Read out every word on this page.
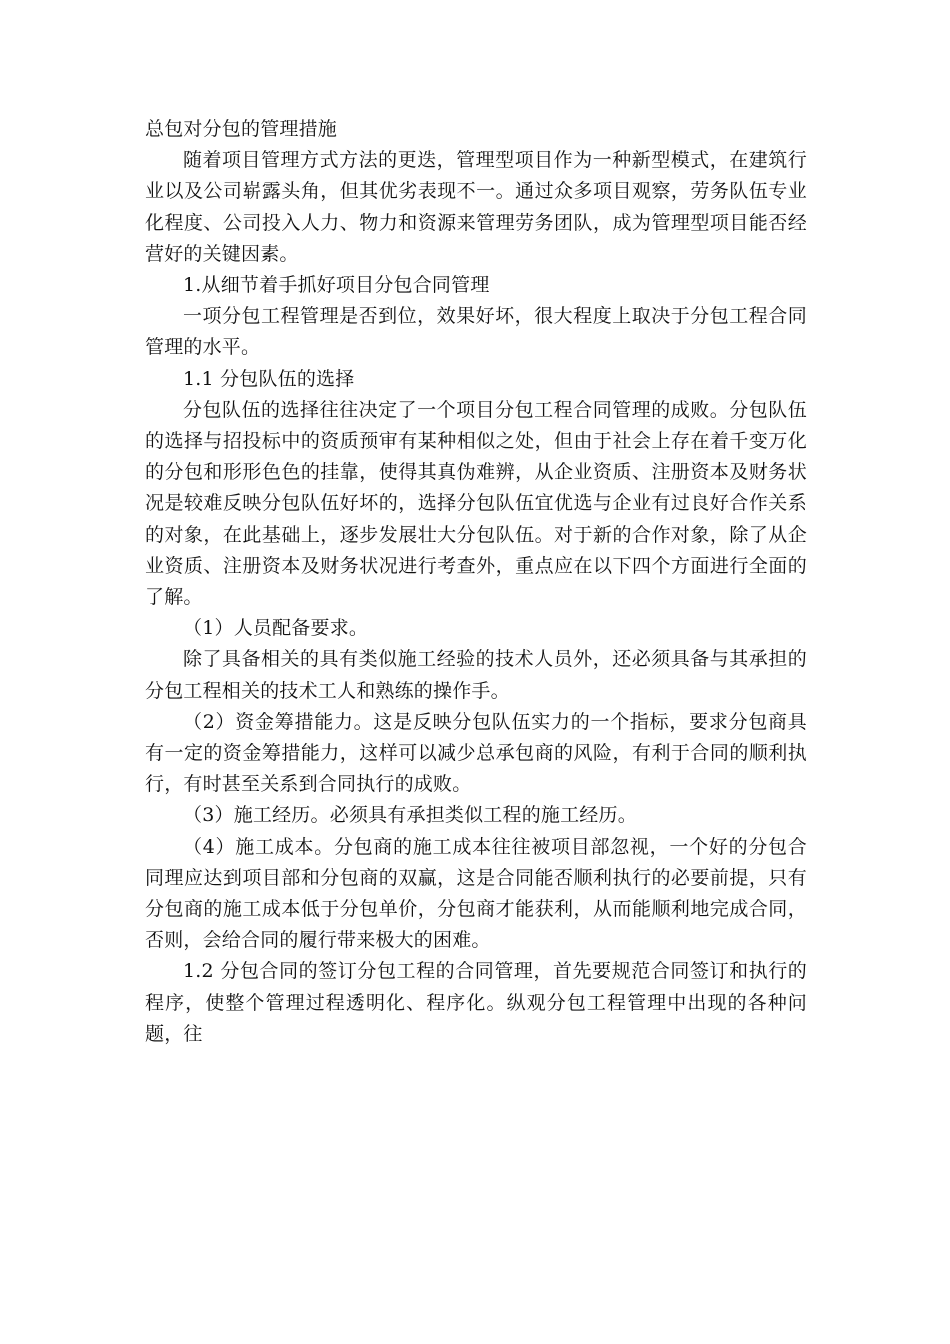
总包对分包的管理措施

随着项目管理方式方法的更迭，管理型项目作为一种新型模式，在建筑行业以及公司崭露头角，但其优劣表现不一。通过众多项目观察，劳务队伍专业化程度、公司投入人力、物力和资源来管理劳务团队，成为管理型项目能否经营好的关键因素。

1.从细节着手抓好项目分包合同管理

一项分包工程管理是否到位，效果好坏，很大程度上取决于分包工程合同管理的水平。

1.1 分包队伍的选择

分包队伍的选择往往决定了一个项目分包工程合同管理的成败。分包队伍的选择与招投标中的资质预审有某种相似之处，但由于社会上存在着千变万化的分包和形形色色的挂靠，使得其真伪难辨，从企业资质、注册资本及财务状况是较难反映分包队伍好坏的，选择分包队伍宜优选与企业有过良好合作关系的对象，在此基础上，逐步发展壮大分包队伍。对于新的合作对象，除了从企业资质、注册资本及财务状况进行考查外，重点应在以下四个方面进行全面的了解。

（1）人员配备要求。

除了具备相关的具有类似施工经验的技术人员外，还必须具备与其承担的分包工程相关的技术工人和熟练的操作手。

（2）资金筹措能力。这是反映分包队伍实力的一个指标，要求分包商具有一定的资金筹措能力，这样可以减少总承包商的风险，有利于合同的顺利执行，有时甚至关系到合同执行的成败。

（3）施工经历。必须具有承担类似工程的施工经历。

（4）施工成本。分包商的施工成本往往被项目部忽视，一个好的分包合同理应达到项目部和分包商的双赢，这是合同能否顺利执行的必要前提，只有分包商的施工成本低于分包单价，分包商才能获利，从而能顺利地完成合同，否则，会给合同的履行带来极大的困难。

1.2 分包合同的签订分包工程的合同管理，首先要规范合同签订和执行的程序，使整个管理过程透明化、程序化。纵观分包工程管理中出现的各种问题，往
